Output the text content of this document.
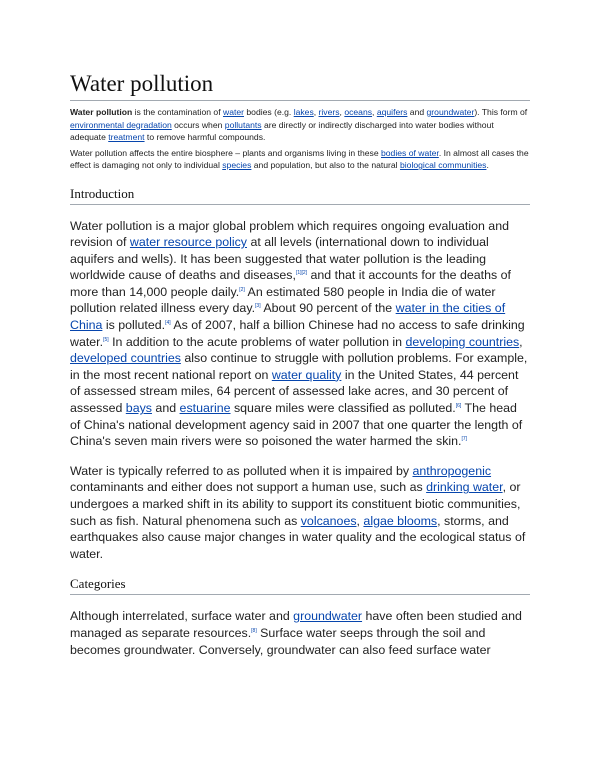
Water pollution

Water pollution is the contamination of water bodies (e.g. lakes, rivers, oceans, aquifers and groundwater). This form of environmental degradation occurs when pollutants are directly or indirectly discharged into water bodies without adequate treatment to remove harmful compounds.

Water pollution affects the entire biosphere – plants and organisms living in these bodies of water. In almost all cases the effect is damaging not only to individual species and population, but also to the natural biological communities.

Introduction

Water pollution is a major global problem which requires ongoing evaluation and revision of water resource policy at all levels (international down to individual aquifers and wells). It has been suggested that water pollution is the leading worldwide cause of deaths and diseases,[1][2] and that it accounts for the deaths of more than 14,000 people daily.[2] An estimated 580 people in India die of water pollution related illness every day.[3] About 90 percent of the water in the cities of China is polluted.[4] As of 2007, half a billion Chinese had no access to safe drinking water.[5] In addition to the acute problems of water pollution in developing countries, developed countries also continue to struggle with pollution problems. For example, in the most recent national report on water quality in the United States, 44 percent of assessed stream miles, 64 percent of assessed lake acres, and 30 percent of assessed bays and estuarine square miles were classified as polluted.[6] The head of China's national development agency said in 2007 that one quarter the length of China's seven main rivers were so poisoned the water harmed the skin.[7]

Water is typically referred to as polluted when it is impaired by anthropogenic contaminants and either does not support a human use, such as drinking water, or undergoes a marked shift in its ability to support its constituent biotic communities, such as fish. Natural phenomena such as volcanoes, algae blooms, storms, and earthquakes also cause major changes in water quality and the ecological status of water.

Categories

Although interrelated, surface water and groundwater have often been studied and managed as separate resources.[8] Surface water seeps through the soil and becomes groundwater. Conversely, groundwater can also feed surface water
